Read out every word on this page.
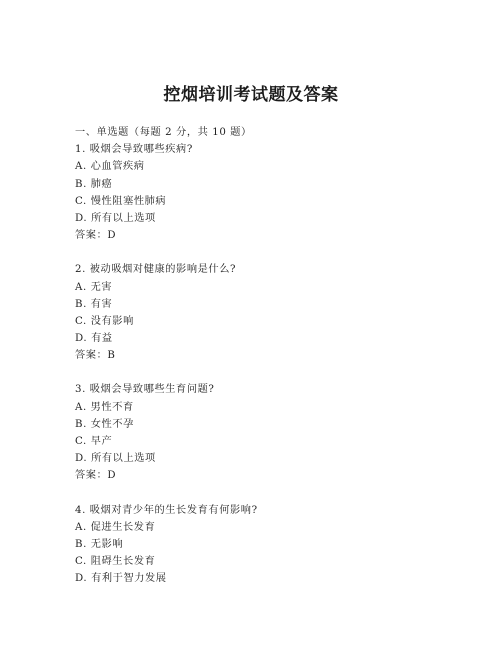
控烟培训考试题及答案
一、单选题（每题 2 分，共 10 题）
1. 吸烟会导致哪些疾病?
A. 心血管疾病
B. 肺癌
C. 慢性阻塞性肺病
D. 所有以上选项
答案：D
2. 被动吸烟对健康的影响是什么?
A. 无害
B. 有害
C. 没有影响
D. 有益
答案：B
3. 吸烟会导致哪些生育问题?
A. 男性不育
B. 女性不孕
C. 早产
D. 所有以上选项
答案：D
4. 吸烟对青少年的生长发育有何影响?
A. 促进生长发育
B. 无影响
C. 阻碍生长发育
D. 有利于智力发展
